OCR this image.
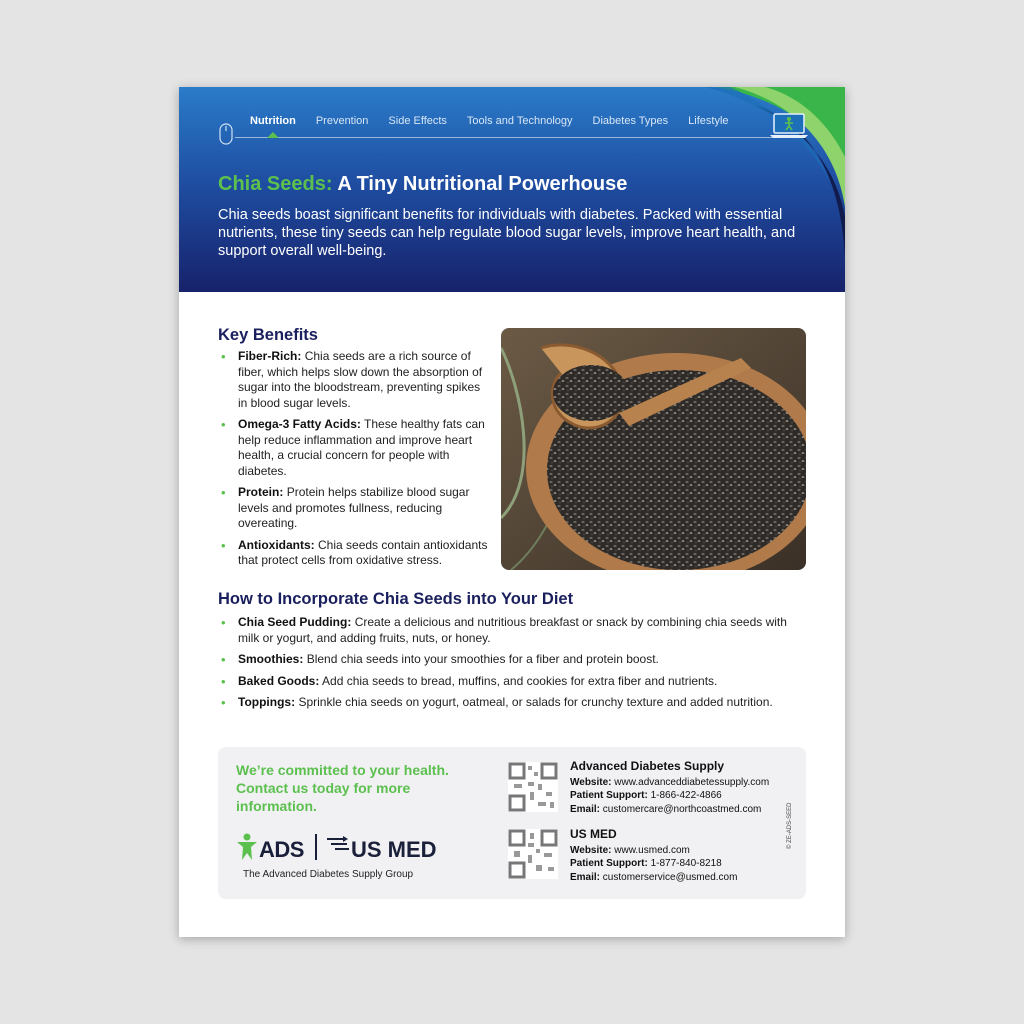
Nutrition Prevention Side Effects Tools and Technology Diabetes Types Lifestyle
Chia Seeds: A Tiny Nutritional Powerhouse

Chia seeds boast significant benefits for individuals with diabetes. Packed with essential nutrients, these tiny seeds can help regulate blood sugar levels, improve heart health, and support overall well-being.

Key Benefits
• Fiber-Rich: Chia seeds are a rich source of fiber, which helps slow down the absorption of sugar into the bloodstream, preventing spikes in blood sugar levels.
• Omega-3 Fatty Acids: These healthy fats can help reduce inflammation and improve heart health, a crucial concern for people with diabetes.
• Protein: Protein helps stabilize blood sugar levels and promotes fullness, reducing overeating.
• Antioxidants: Chia seeds contain antioxidants that protect cells from oxidative stress.
How to Incorporate Chia Seeds into Your Diet
• Chia Seed Pudding: Create a delicious and nutritious breakfast or snack by combining chia seeds with milk or yogurt, and adding fruits, nuts, or honey.
• Smoothies: Blend chia seeds into your smoothies for a fiber and protein boost.
• Baked Goods: Add chia seeds to bread, muffins, and cookies for extra fiber and nutrients.
• Toppings: Sprinkle chia seeds on yogurt, oatmeal, or salads for crunchy texture and added nutrition.

We’re committed to your health. Contact us today for more information.

ADS US MED
The Advanced Diabetes Supply Group
Advanced Diabetes Supply
Website: www.advanceddiabetessupply.com
Patient Support: 1-866-422-4866
Email: customercare@northcoastmed.com
US MED
Website: www.usmed.com
Patient Support: 1-877-840-8218
Email: customerservice@usmed.com
© ZE-ADS-SEED
